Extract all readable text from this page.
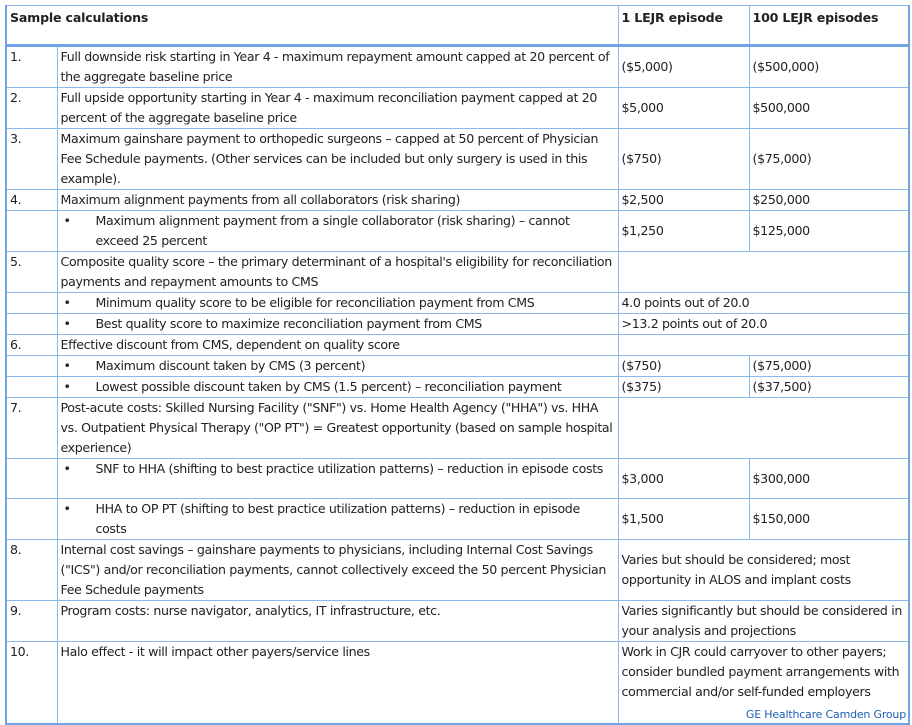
Sample calculations		1 LEJR episode	100 LEJR episodes
1.	Full downside risk starting in Year 4 - maximum repayment amount capped at 20 percent of the aggregate baseline price	($5,000)	($500,000)
2.	Full upside opportunity starting in Year 4 - maximum reconciliation payment capped at 20 percent of the aggregate baseline price	$5,000	$500,000
3.	Maximum gainshare payment to orthopedic surgeons – capped at 50 percent of Physician Fee Schedule payments. (Other services can be included but only surgery is used in this example).	($750)	($75,000)
4.	Maximum alignment payments from all collaborators (risk sharing)	$2,500	$250,000
	• Maximum alignment payment from a single collaborator (risk sharing) – cannot exceed 25 percent	$1,250	$125,000
5.	Composite quality score – the primary determinant of a hospital's eligibility for reconciliation payments and repayment amounts to CMS		
	• Minimum quality score to be eligible for reconciliation payment from CMS	4.0 points out of 20.0	
	• Best quality score to maximize reconciliation payment from CMS	>13.2 points out of 20.0	
6.	Effective discount from CMS, dependent on quality score		
	• Maximum discount taken by CMS (3 percent)	($750)	($75,000)
	• Lowest possible discount taken by CMS (1.5 percent) – reconciliation payment	($375)	($37,500)
7.	Post-acute costs: Skilled Nursing Facility ("SNF") vs. Home Health Agency ("HHA") vs. HHA vs. Outpatient Physical Therapy ("OP PT") = Greatest opportunity (based on sample hospital experience)		
	• SNF to HHA (shifting to best practice utilization patterns) – reduction in episode costs	$3,000	$300,000
	• HHA to OP PT (shifting to best practice utilization patterns) – reduction in episode costs	$1,500	$150,000
8.	Internal cost savings – gainshare payments to physicians, including Internal Cost Savings ("ICS") and/or reconciliation payments, cannot collectively exceed the 50 percent Physician Fee Schedule payments	Varies but should be considered; most opportunity in ALOS and implant costs	
9.	Program costs: nurse navigator, analytics, IT infrastructure, etc.	Varies significantly but should be considered in your analysis and projections	
10.	Halo effect - it will impact other payers/service lines	Work in CJR could carryover to other payers; consider bundled payment arrangements with commercial and/or self-funded employers	
GE Healthcare Camden Group
